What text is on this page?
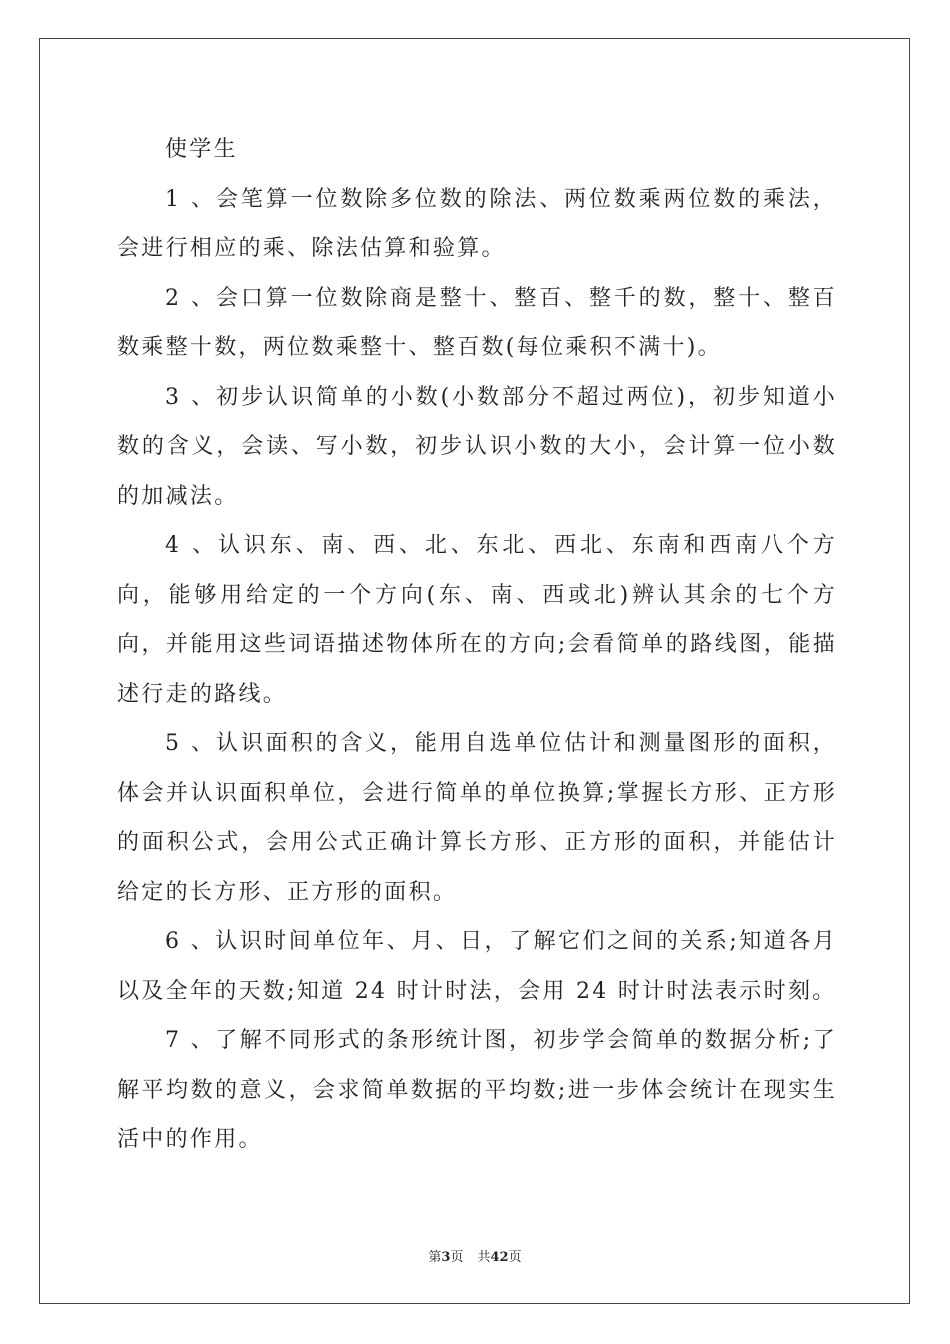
使学生

1 、会笔算一位数除多位数的除法、两位数乘两位数的乘法，会进行相应的乘、除法估算和验算。

2 、会口算一位数除商是整十、整百、整千的数，整十、整百数乘整十数，两位数乘整十、整百数(每位乘积不满十)。

3 、初步认识简单的小数(小数部分不超过两位)，初步知道小数的含义，会读、写小数，初步认识小数的大小，会计算一位小数的加减法。

4 、认识东、南、西、北、东北、西北、东南和西南八个方向，能够用给定的一个方向(东、南、西或北)辨认其余的七个方向，并能用这些词语描述物体所在的方向;会看简单的路线图，能描述行走的路线。

5 、认识面积的含义，能用自选单位估计和测量图形的面积，体会并认识面积单位，会进行简单的单位换算;掌握长方形、正方形的面积公式，会用公式正确计算长方形、正方形的面积，并能估计给定的长方形、正方形的面积。

6 、认识时间单位年、月、日，了解它们之间的关系;知道各月以及全年的天数;知道 24 时计时法，会用 24 时计时法表示时刻。

7 、了解不同形式的条形统计图，初步学会简单的数据分析;了解平均数的意义，会求简单数据的平均数;进一步体会统计在现实生活中的作用。

第3页 共42页
